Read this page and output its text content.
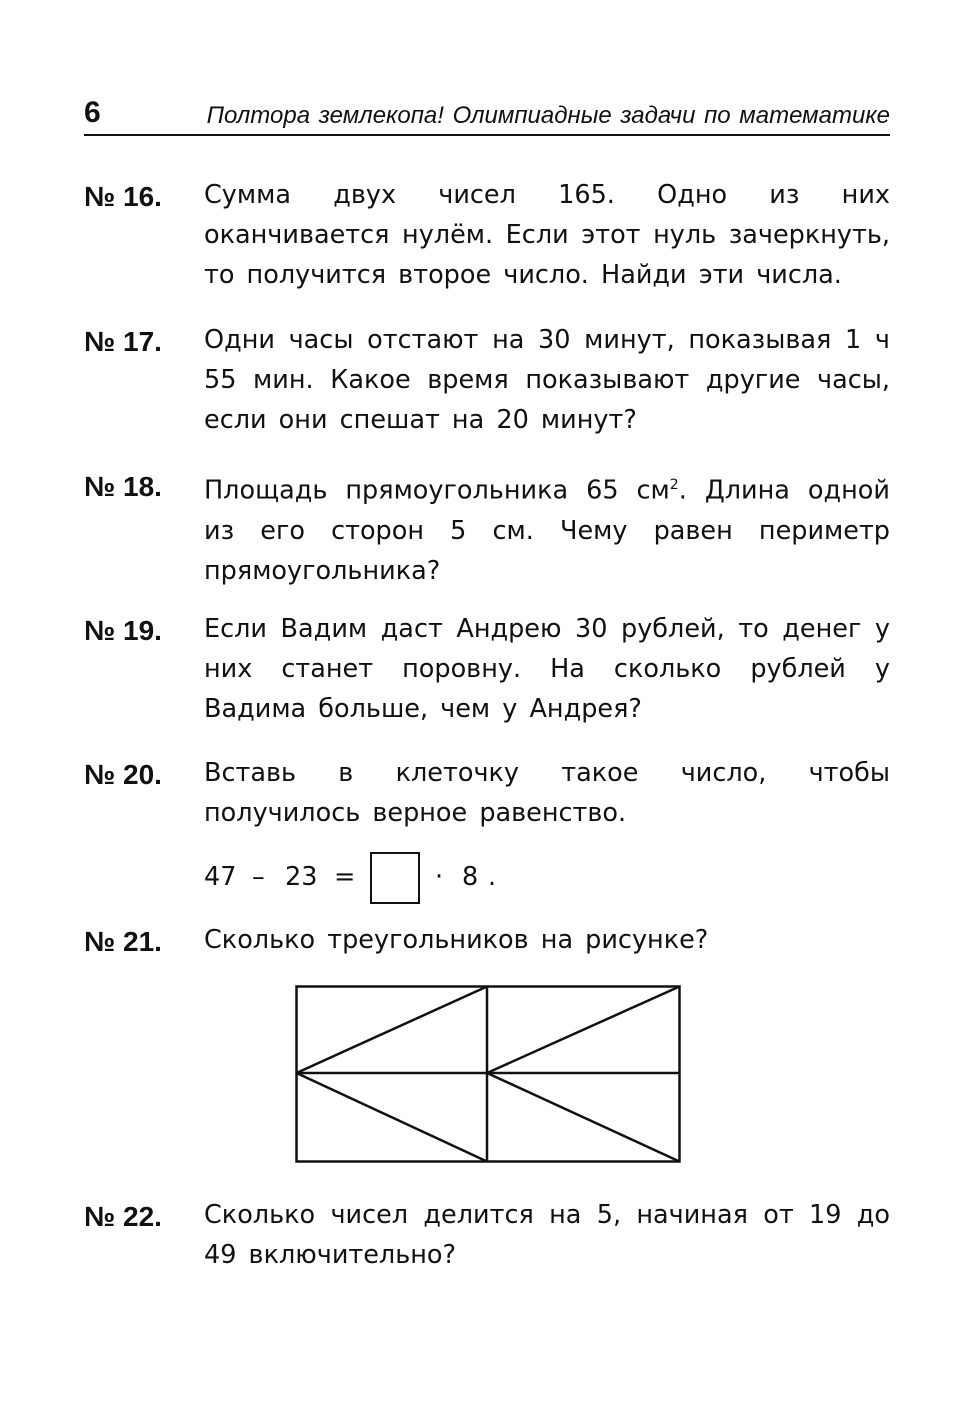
6	Полтора землекопа! Олимпиадные задачи по математике
№ 16. Сумма двух чисел 165. Одно из них оканчивается нулём. Если этот нуль зачеркнуть, то получится второе число. Найди эти числа.
№ 17. Одни часы отстают на 30 минут, показывая 1 ч 55 мин. Какое время показывают другие часы, если они спешат на 20 минут?
№ 18. Площадь прямоугольника 65 $см^2$. Длина одной из его сторон 5 см. Чему равен периметр прямоугольника?
№ 19. Если Вадим даст Андрею 30 рублей, то денег у них станет поровну. На сколько рублей у Вадима больше, чем у Андрея?
№ 20. Вставь в клеточку такое число, чтобы получилось верное равенство.
47 – 23 =	· 8 .
№ 21. Сколько треугольников на рисунке?
№ 22. Сколько чисел делится на 5, начиная от 19 до 49 включительно?
